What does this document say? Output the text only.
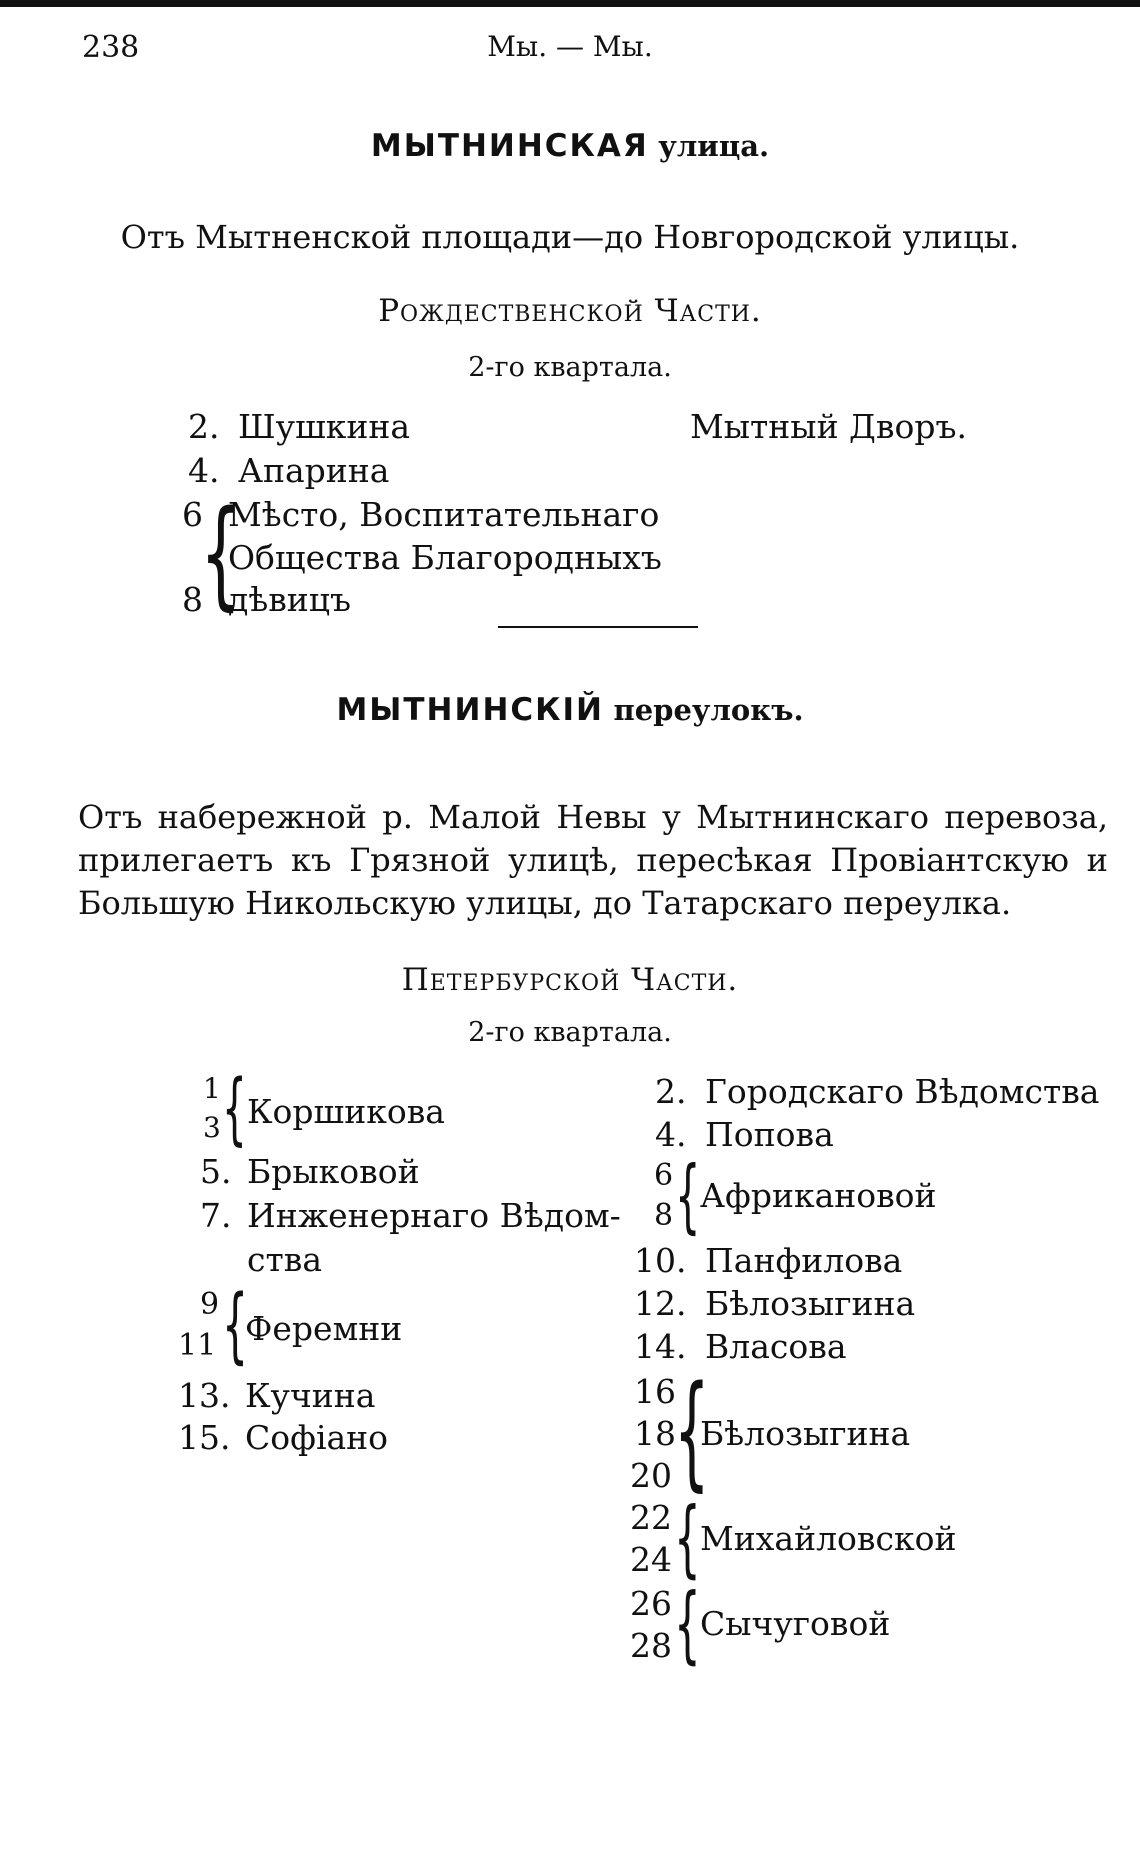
238	Мы. — Мы.
МЫТНИНСКАЯ улица.
Отъ Мытненской площади—до Новгородской улицы.
Рождественской Части.
2-го квартала.
2. Шушкина
4. Апарина
6
8
{
Мѣсто, Воспитательнаго
Общества Благородныхъ
дѣвицъ
Мытный Дворъ.
МЫТНИНСКІЙ переулокъ.
Отъ набережной р. Малой Невы у Мытнинскаго перевоза,
прилегаетъ къ Грязной улицѣ, пересѣкая Провіантскую и
Большую Никольскую улицы, до Татарскаго переулка.
Петербурской Части.
2-го квартала.
1
3 { Коршикова
5. Брыковой
7. Инженернаго Вѣдом-
ства
9
11 {
Феремни
13. Кучина
15. Софіано
2. Городскаго Вѣдомства
4. Попова
6
8 { Африкановой
10. Панфилова
12. Бѣлозыгина
14. Власова
16
18
20 {
Бѣлозыгина
22
24 { Михайловской
26
28 { Сычуговой
